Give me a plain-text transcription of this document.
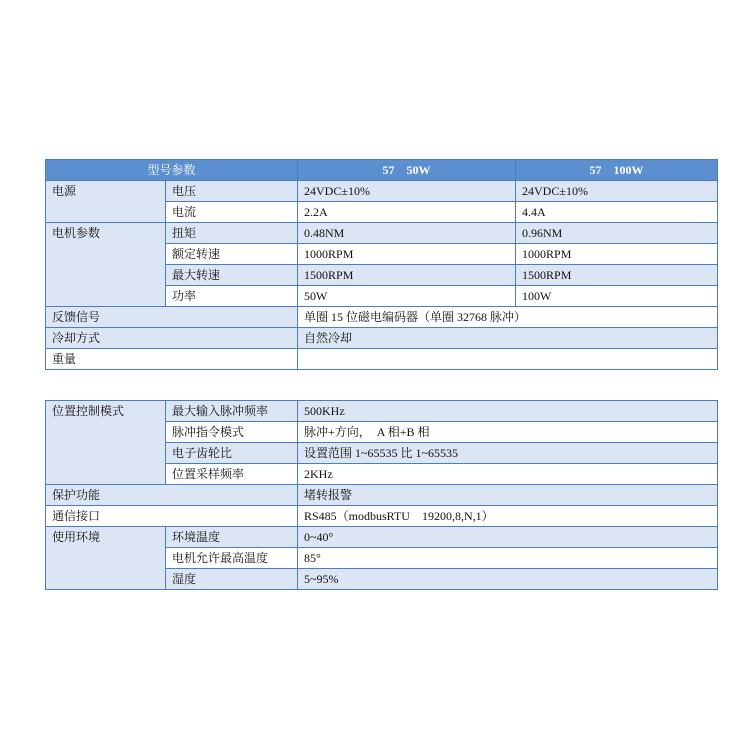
型号参数		57    50W	57    100W
电源	电压	24VDC±10%	24VDC±10%
	电流	2.2A	4.4A
电机参数	扭矩	0.48NM	0.96NM
	额定转速	1000RPM	1000RPM
	最大转速	1500RPM	1500RPM
	功率	50W	100W
反馈信号		单圈 15 位磁电编码器（单圈 32768 脉冲）	
冷却方式		自然冷却	
重量			
位置控制模式	最大输入脉冲频率	500KHz
	脉冲指令模式	脉冲+方向，  A 相+B 相
	电子齿轮比	设置范围 1~65535 比 1~65535
	位置采样频率	2KHz
保护功能		堵转报警
通信接口		RS485（modbusRTU    19200,8,N,1）
使用环境	环境温度	0~40°
	电机允许最高温度	85°
	湿度	5~95%
